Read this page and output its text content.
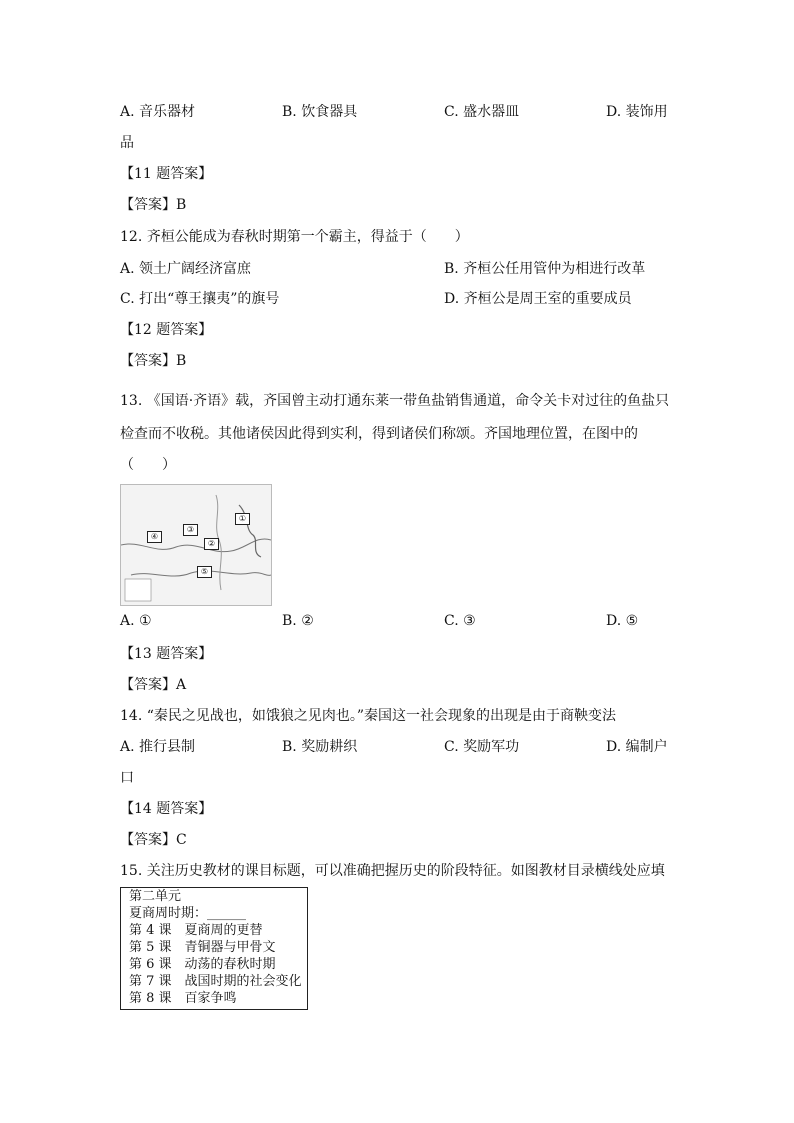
A. 音乐器材	B. 饮食器具	C. 盛水器皿	D. 装饰用
品
【11 题答案】
【答案】B
12. 齐桓公能成为春秋时期第一个霸主，得益于（　　）
A. 领土广阔经济富庶	B. 齐桓公任用管仲为相进行改革
C. 打出“尊王攘夷”的旗号	D. 齐桓公是周王室的重要成员
【12 题答案】
【答案】B
13. 《国语·齐语》载，齐国曾主动打通东莱一带鱼盐销售通道，命令关卡对过往的鱼盐只
检查而不收税。其他诸侯因此得到实利，得到诸侯们称颂。齐国地理位置，在图中的
（　　）
①
②
③
④
⑤
A. ①	B. ②	C. ③	D. ⑤
【13 题答案】
【答案】A
14. “秦民之见战也，如饿狼之见肉也。”秦国这一社会现象的出现是由于商鞅变法
A. 推行县制	B. 奖励耕织	C. 奖励军功	D. 编制户
口
【14 题答案】
【答案】C
15. 关注历史教材的课目标题，可以准确把握历史的阶段特征。如图教材目录横线处应填
第二单元
夏商周时期：______
第 4 课　夏商周的更替
第 5 课　青铜器与甲骨文
第 6 课　动荡的春秋时期
第 7 课　战国时期的社会变化
第 8 课　百家争鸣
